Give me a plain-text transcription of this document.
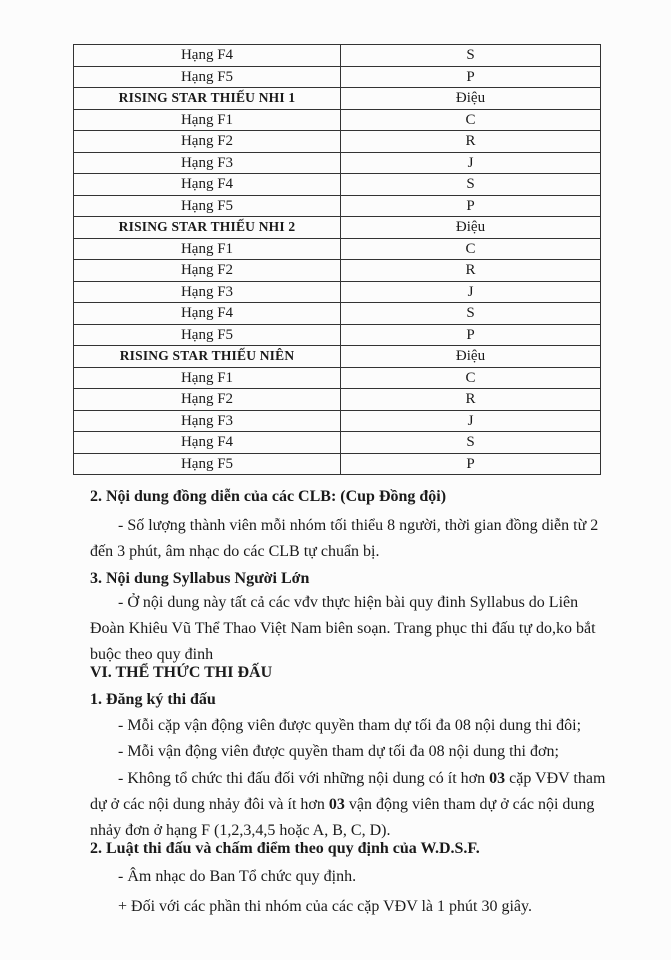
Hạng F4	S
Hạng F5	P
RISING STAR THIẾU NHI 1	Điệu
Hạng F1	C
Hạng F2	R
Hạng F3	J
Hạng F4	S
Hạng F5	P
RISING STAR THIẾU NHI 2	Điệu
Hạng F1	C
Hạng F2	R
Hạng F3	J
Hạng F4	S
Hạng F5	P
RISING STAR THIẾU NIÊN	Điệu
Hạng F1	C
Hạng F2	R
Hạng F3	J
Hạng F4	S
Hạng F5	P

2. Nội dung đồng diễn của các CLB: (Cup Đồng đội)

- Số lượng thành viên mỗi nhóm tối thiểu 8 người, thời gian đồng diễn từ 2 đến 3 phút, âm nhạc do các CLB tự chuẩn bị.

3. Nội dung Syllabus Người Lớn

- Ở nội dung này tất cả các vđv thực hiện bài quy đinh Syllabus do Liên Đoàn Khiêu Vũ Thể Thao Việt Nam biên soạn. Trang phục thi đấu tự do,ko bắt buộc theo quy đinh

VI. THỂ THỨC THI ĐẤU

1. Đăng ký thi đấu

- Mỗi cặp vận động viên được quyền tham dự tối đa 08 nội dung thi đôi;

- Mỗi vận động viên được quyền tham dự tối đa 08 nội dung thi đơn;

- Không tổ chức thi đấu đối với những nội dung có ít hơn 03 cặp VĐV tham dự ở các nội dung nhảy đôi và ít hơn 03 vận động viên tham dự ở các nội dung nhảy đơn ở hạng F (1,2,3,4,5 hoặc A, B, C, D).

2. Luật thi đấu và chấm điểm theo quy định của W.D.S.F.

- Âm nhạc do Ban Tổ chức quy định.

+ Đối với các phần thi nhóm của các cặp VĐV là 1 phút 30 giây.
